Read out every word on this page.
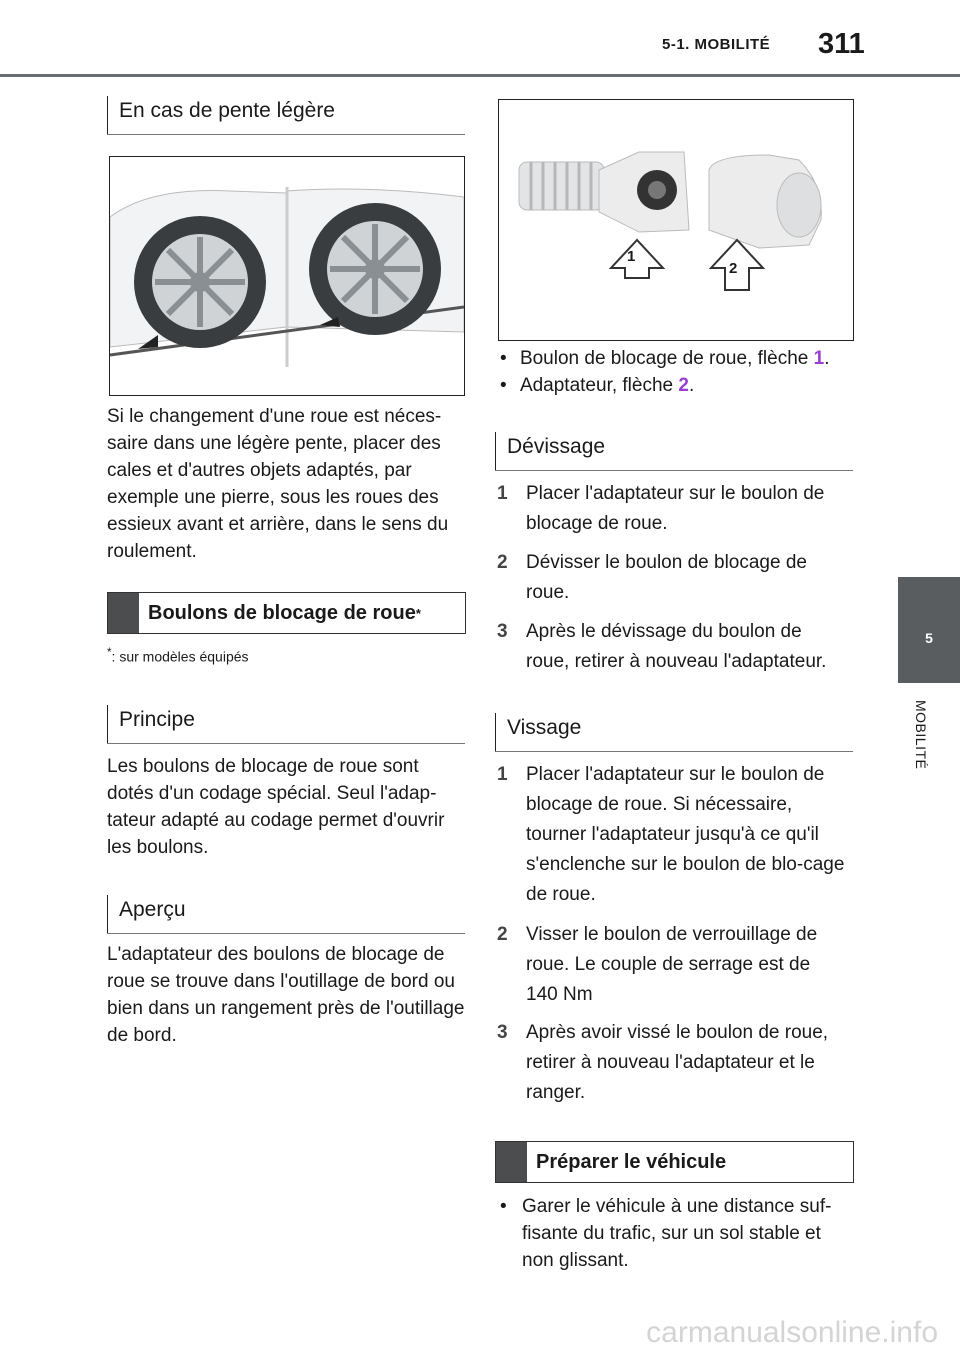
5-1. MOBILITÉ 311
5
MOBILITÉ
En cas de pente légère
Si le changement d'une roue est néces-saire dans une légère pente, placer des cales et d'autres objets adaptés, par exemple une pierre, sous les roues des essieux avant et arrière, dans le sens du roulement.
Boulons de blocage de roue *
*: sur modèles équipés
Principe
Les boulons de blocage de roue sont dotés d'un codage spécial. Seul l'adap-tateur adapté au codage permet d'ouvrir les boulons.
Aperçu
L'adaptateur des boulons de blocage de roue se trouve dans l'outillage de bord ou bien dans un rangement près de l'outillage de bord.
1
2
• Boulon de blocage de roue, flèche 1.
• Adaptateur, flèche 2.
Dévissage
1 Placer l'adaptateur sur le boulon de blocage de roue.
2 Dévisser le boulon de blocage de roue.
3 Après le dévissage du boulon de roue, retirer à nouveau l'adaptateur.
Vissage
1 Placer l'adaptateur sur le boulon de blocage de roue. Si nécessaire, tourner l'adaptateur jusqu'à ce qu'il s'enclenche sur le boulon de blo-cage de roue.
2 Visser le boulon de verrouillage de roue. Le couple de serrage est de 140 Nm
3 Après avoir vissé le boulon de roue, retirer à nouveau l'adaptateur et le ranger.
Préparer le véhicule
• Garer le véhicule à une distance suf-fisante du trafic, sur un sol stable et non glissant.
carmanualsonline.info
